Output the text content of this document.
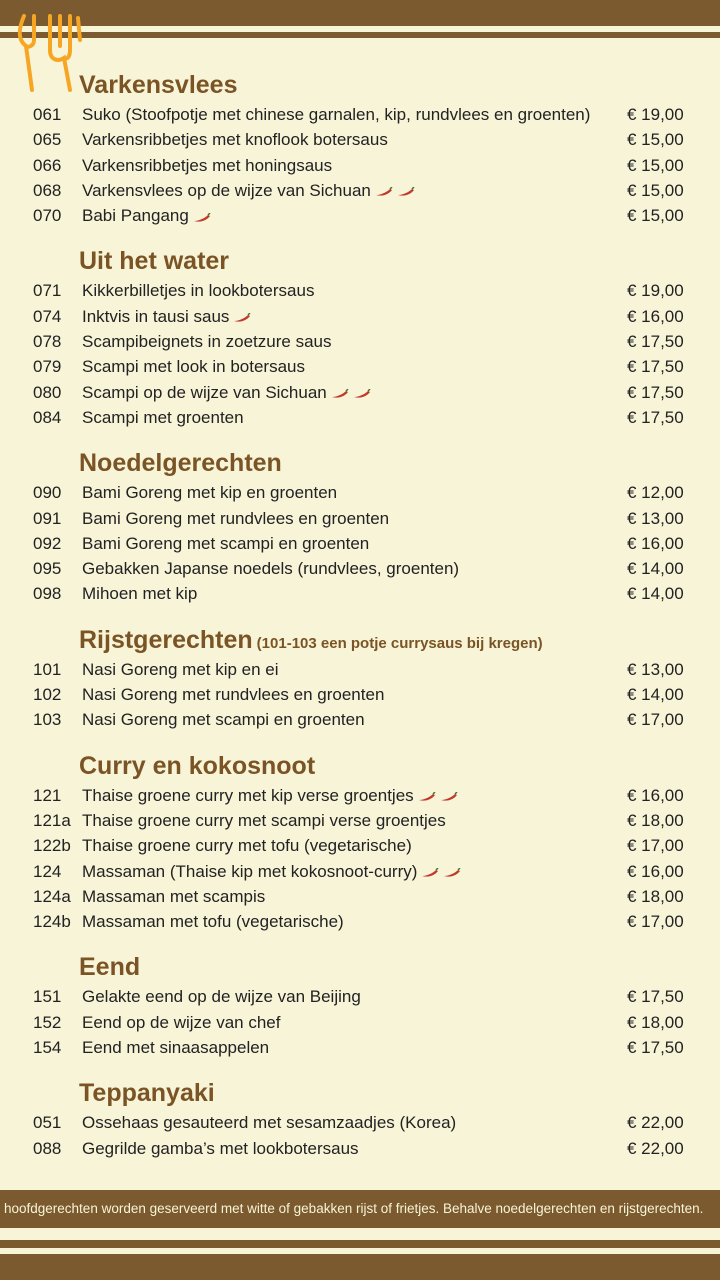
Varkensvlees
061 Suko (Stoofpotje met chinese garnalen, kip, rundvlees en groenten) € 19,00
065 Varkensribbetjes met knoflook botersaus	€ 15,00
066 Varkensribbetjes met honingsaus	€ 15,00
068 Varkensvlees op de wijze van Sichuan	€ 15,00
070 Babi Pangang	€ 15,00
Uit het water
071 Kikkerbilletjes in lookbotersaus	€ 19,00
074 Inktvis in tausi saus	€ 16,00
078 Scampibeignets in zoetzure saus	€ 17,50
079 Scampi met look in botersaus	€ 17,50
080 Scampi op de wijze van Sichuan	€ 17,50
084 Scampi met groenten	€ 17,50
Noedelgerechten
090 Bami Goreng met kip en groenten	€ 12,00
091 Bami Goreng met rundvlees en groenten	€ 13,00
092 Bami Goreng met scampi en groenten	€ 16,00
095 Gebakken Japanse noedels (rundvlees, groenten)	€ 14,00
098 Mihoen met kip	€ 14,00
Rijstgerechten (101-103 een potje currysaus bij kregen)
101 Nasi Goreng met kip en ei	€ 13,00
102 Nasi Goreng met rundvlees en groenten	€ 14,00
103 Nasi Goreng met scampi en groenten	€ 17,00
Curry en kokosnoot
121 Thaise groene curry met kip verse groentjes	€ 16,00
121a Thaise groene curry met scampi verse groentjes	€ 18,00
122b Thaise groene curry met tofu (vegetarische)	€ 17,00
124 Massaman (Thaise kip met kokosnoot-curry)	€ 16,00
124a Massaman met scampis	€ 18,00
124b Massaman met tofu (vegetarische)	€ 17,00
Eend
151 Gelakte eend op de wijze van Beijing	€ 17,50
152 Eend op de wijze van chef	€ 18,00
154 Eend met sinaasappelen	€ 17,50
Teppanyaki
051 Ossehaas gesauteerd met sesamzaadjes (Korea)	€ 22,00
088 Gegrilde gamba’s met lookbotersaus	€ 22,00
hoofdgerechten worden geserveerd met witte of gebakken rijst of frietjes. Behalve noedelgerechten en rijstgerechten.
